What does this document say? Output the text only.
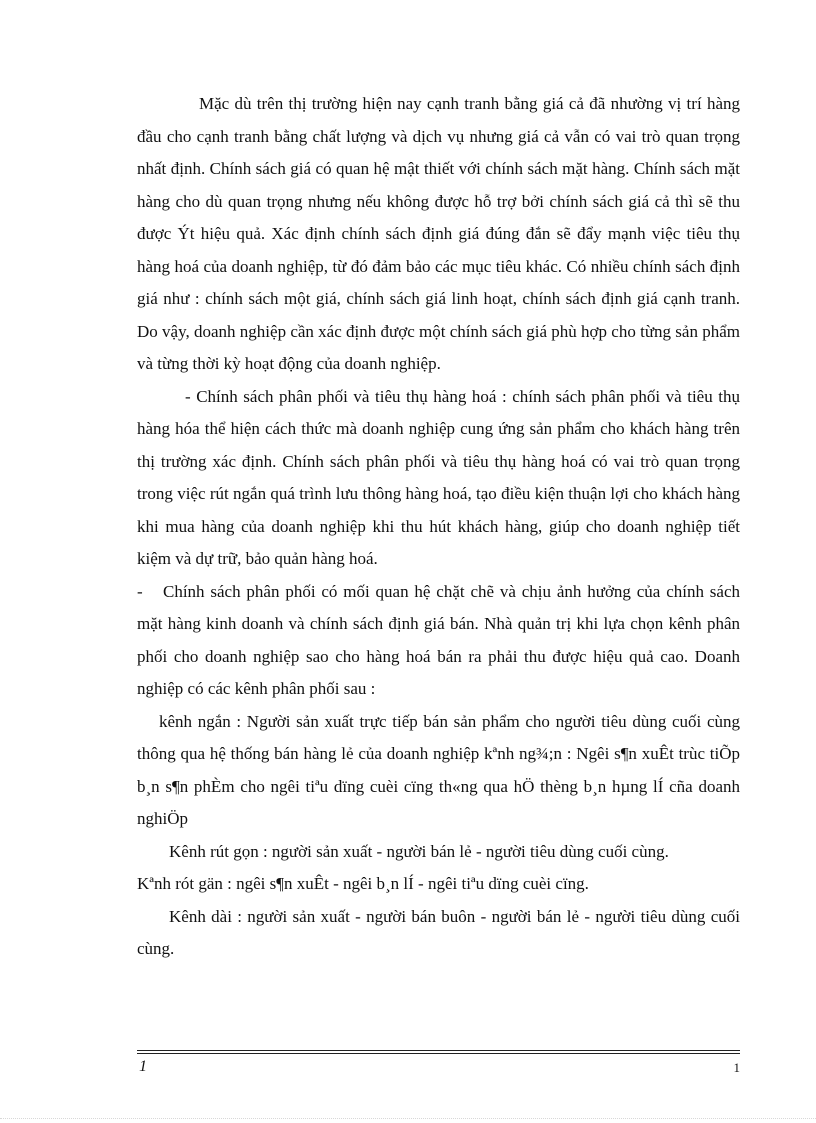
Mặc dù trên thị trường hiện nay cạnh tranh bằng giá cả đã nhường vị trí hàng đầu cho cạnh tranh bằng chất lượng và dịch vụ nhưng giá cả vẫn có vai trò quan trọng nhất định. Chính sách giá có quan hệ mật thiết với chính sách mặt hàng. Chính sách mặt hàng cho dù quan trọng nhưng nếu không được hỗ trợ bởi chính sách giá cả thì sẽ thu được Ýt hiệu quả. Xác định chính sách định giá đúng đắn sẽ đẩy mạnh việc tiêu thụ hàng hoá của doanh nghiệp, từ đó đảm bảo các mục tiêu khác. Có nhiều chính sách định giá như : chính sách một giá, chính sách giá linh hoạt, chính sách định giá cạnh tranh. Do vậy, doanh nghiệp cần xác định được một chính sách giá phù hợp cho từng sản phẩm và từng thời kỳ hoạt động của doanh nghiệp.

- Chính sách phân phối và tiêu thụ hàng hoá : chính sách phân phối và tiêu thụ hàng hóa thể hiện cách thức mà doanh nghiệp cung ứng sản phẩm cho khách hàng trên thị trường xác định. Chính sách phân phối và tiêu thụ hàng hoá có vai trò quan trọng trong việc rút ngắn quá trình lưu thông hàng hoá, tạo điều kiện thuận lợi cho khách hàng khi mua hàng của doanh nghiệp khi thu hút khách hàng, giúp cho doanh nghiệp tiết kiệm và dự trữ, bảo quản hàng hoá.

- Chính sách phân phối có mối quan hệ chặt chẽ và chịu ảnh hưởng của chính sách mặt hàng kinh doanh và chính sách định giá bán. Nhà quản trị khi lựa chọn kênh phân phối cho doanh nghiệp sao cho hàng hoá bán ra phải thu được hiệu quả cao. Doanh nghiệp có các kênh phân phối sau :

kênh ngắn : Người sản xuất trực tiếp bán sản phẩm cho người tiêu dùng cuối cùng thông qua hệ thống bán hàng lẻ của doanh nghiệp kªnh ng¾;n : Ngêi s¶n xuÊt trùc tiÕp b¸n s¶n phÈm cho ngêi tiªu dïng cuèi cïng th«ng qua hÖ thèng b¸n hµng lÍ cña doanh nghiÖp

Kênh rút gọn : người sản xuất - người bán lẻ - người tiêu dùng cuối cùng.

Kªnh rót gän : ngêi s¶n xuÊt - ngêi b¸n lÍ - ngêi tiªu dïng cuèi cïng.

Kênh dài : người sản xuất - người bán buôn - người bán lẻ - người tiêu dùng cuối cùng.

1	1
